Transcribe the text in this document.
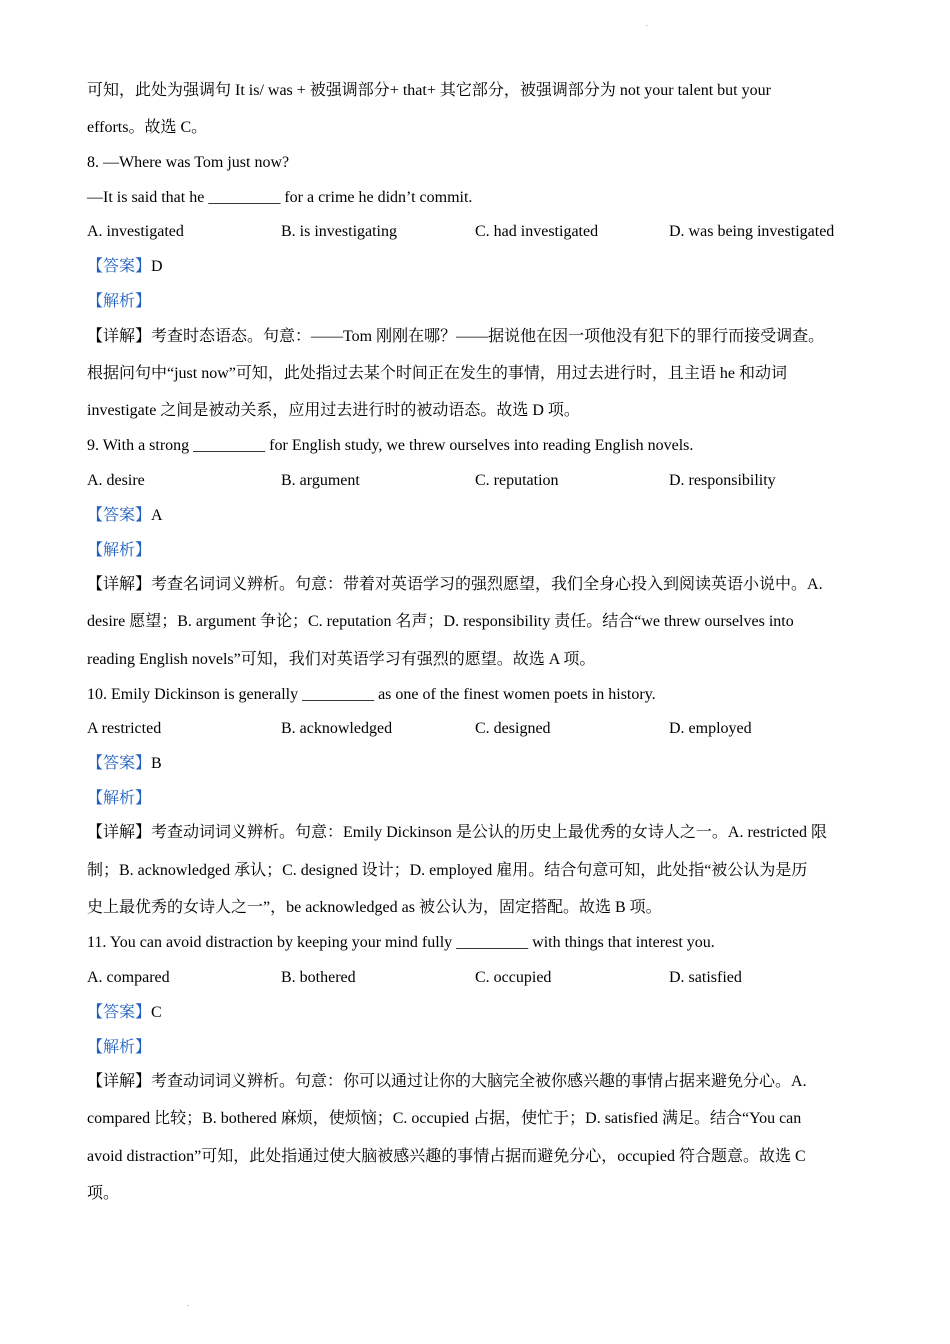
.
.
可知，此处为强调句 It is/ was + 被强调部分+ that+ 其它部分，被强调部分为 not your talent but your
efforts。故选 C。
8. —Where was Tom just now?
—It is said that he _________ for a crime he didn’t commit.
A. investigated	B. is investigating	C. had investigated	D. was being investigated
【答案】D
【解析】
【详解】考查时态语态。句意：——Tom 刚刚在哪？——据说他在因一项他没有犯下的罪行而接受调查。
根据问句中“just now”可知，此处指过去某个时间正在发生的事情，用过去进行时，且主语 he 和动词
investigate 之间是被动关系，应用过去进行时的被动语态。故选 D 项。
9. With a strong _________ for English study, we threw ourselves into reading English novels.
A. desire	B. argument	C. reputation	D. responsibility
【答案】A
【解析】
【详解】考查名词词义辨析。句意：带着对英语学习的强烈愿望，我们全身心投入到阅读英语小说中。A.
desire 愿望；B. argument 争论；C. reputation 名声；D. responsibility 责任。结合“we threw ourselves into
reading English novels”可知，我们对英语学习有强烈的愿望。故选 A 项。
10. Emily Dickinson is generally _________ as one of the finest women poets in history.
A restricted	B. acknowledged	C. designed	D. employed
【答案】B
【解析】
【详解】考查动词词义辨析。句意：Emily Dickinson 是公认的历史上最优秀的女诗人之一。A. restricted 限
制；B. acknowledged 承认；C. designed 设计；D. employed 雇用。结合句意可知，此处指“被公认为是历
史上最优秀的女诗人之一”，be acknowledged as 被公认为，固定搭配。故选 B 项。
11. You can avoid distraction by keeping your mind fully _________ with things that interest you.
A. compared	B. bothered	C. occupied	D. satisfied
【答案】C
【解析】
【详解】考查动词词义辨析。句意：你可以通过让你的大脑完全被你感兴趣的事情占据来避免分心。A.
compared 比较；B. bothered 麻烦，使烦恼；C. occupied 占据，使忙于；D. satisfied 满足。结合“You can
avoid distraction”可知，此处指通过使大脑被感兴趣的事情占据而避免分心，occupied 符合题意。故选 C
项。
